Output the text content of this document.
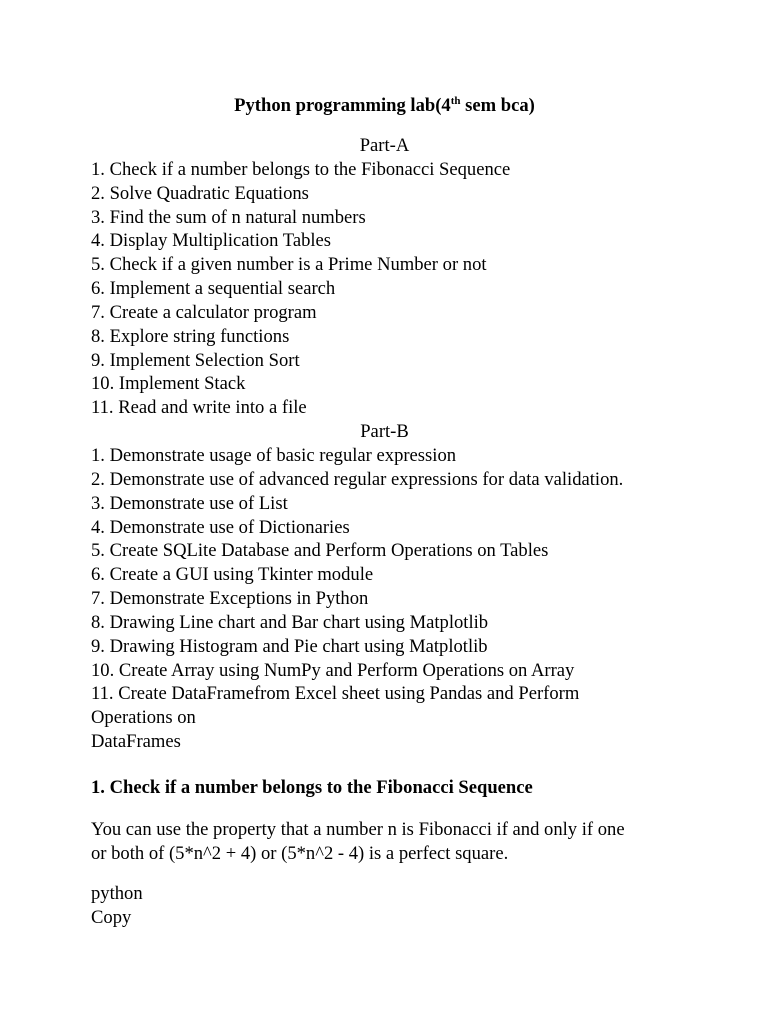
Python programming lab(4th sem bca)

Part-A

1. Check if a number belongs to the Fibonacci Sequence

2. Solve Quadratic Equations

3. Find the sum of n natural numbers

4. Display Multiplication Tables

5. Check if a given number is a Prime Number or not

6. Implement a sequential search

7. Create a calculator program

8. Explore string functions

9. Implement Selection Sort

10. Implement Stack

11. Read and write into a file

Part-B

1. Demonstrate usage of basic regular expression

2. Demonstrate use of advanced regular expressions for data validation.

3. Demonstrate use of List

4. Demonstrate use of Dictionaries

5. Create SQLite Database and Perform Operations on Tables

6. Create a GUI using Tkinter module

7. Demonstrate Exceptions in Python

8. Drawing Line chart and Bar chart using Matplotlib

9. Drawing Histogram and Pie chart using Matplotlib

10. Create Array using NumPy and Perform Operations on Array

11. Create DataFramefrom Excel sheet using Pandas and Perform

Operations on

DataFrames

1. Check if a number belongs to the Fibonacci Sequence

You can use the property that a number n is Fibonacci if and only if one
or both of (5*n^2 + 4) or (5*n^2 - 4) is a perfect square.

python
Copy
